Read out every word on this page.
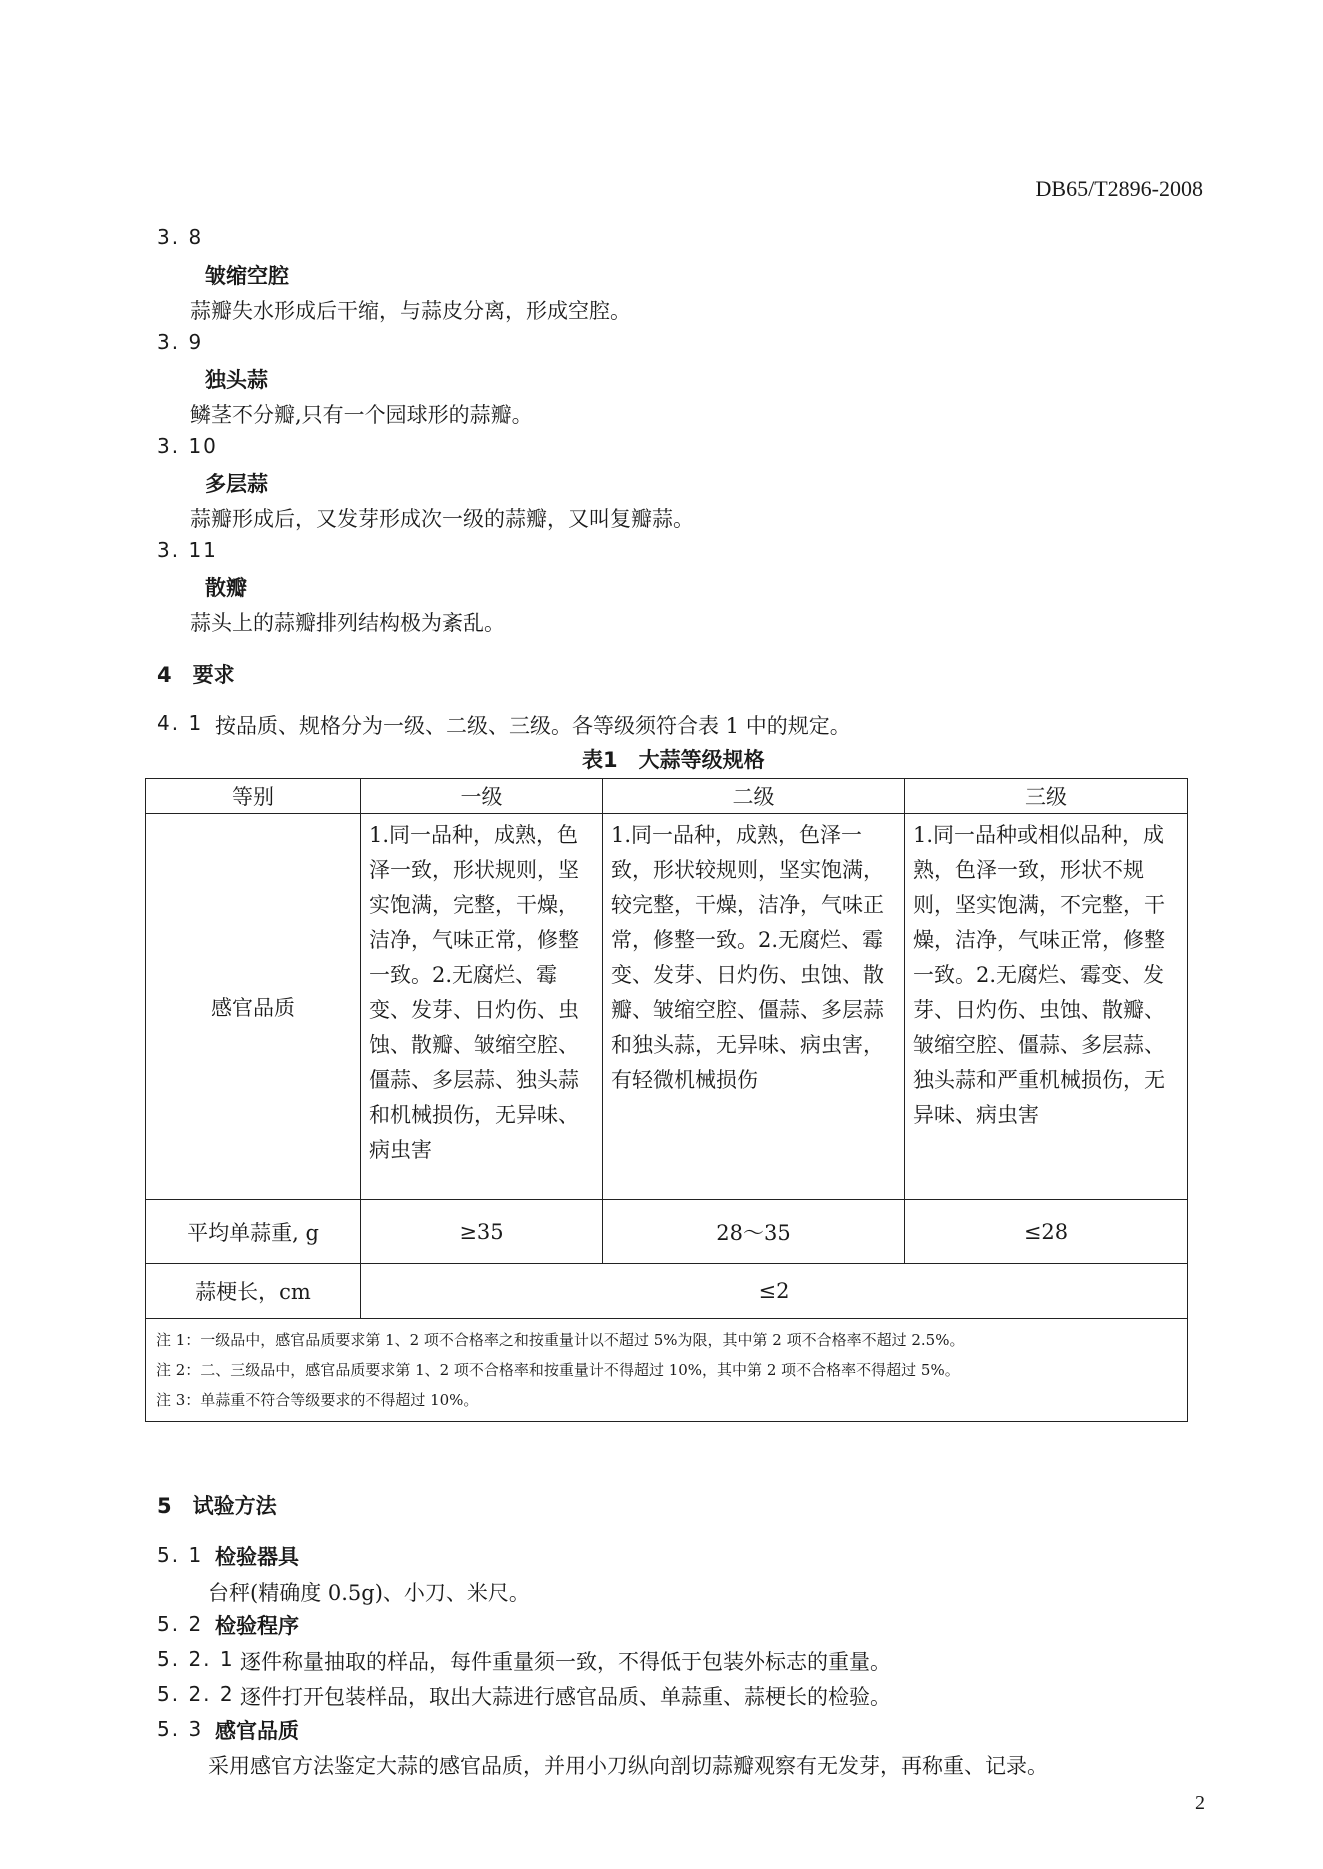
DB65/T2896-2008
3. 8
皱缩空腔
蒜瓣失水形成后干缩，与蒜皮分离，形成空腔。
3. 9
独头蒜
鳞茎不分瓣,只有一个园球形的蒜瓣。
3. 10
多层蒜
蒜瓣形成后，又发芽形成次一级的蒜瓣，又叫复瓣蒜。
3. 11
散瓣
蒜头上的蒜瓣排列结构极为紊乱。
4　要求
4. 1 按品质、规格分为一级、二级、三级。各等级须符合表 1 中的规定。
表1　大蒜等级规格
等别	一级	二级	三级
感官品质	1.同一品种，成熟，色泽一致，形状规则，坚实饱满，完整，干燥，洁净，气味正常，修整一致。2.无腐烂、霉变、发芽、日灼伤、虫蚀、散瓣、皱缩空腔、僵蒜、多层蒜、独头蒜和机械损伤，无异味、病虫害	1.同一品种，成熟，色泽一致，形状较规则，坚实饱满，较完整，干燥，洁净，气味正常，修整一致。2.无腐烂、霉变、发芽、日灼伤、虫蚀、散瓣、皱缩空腔、僵蒜、多层蒜和独头蒜，无异味、病虫害，有轻微机械损伤	1.同一品种或相似品种，成熟，色泽一致，形状不规则，坚实饱满，不完整，干燥，洁净，气味正常，修整一致。2.无腐烂、霉变、发芽、日灼伤、虫蚀、散瓣、皱缩空腔、僵蒜、多层蒜、独头蒜和严重机械损伤，无异味、病虫害
平均单蒜重, g	≥35	28～35	≤28
蒜梗长，cm	≤2		

注 1：一级品中，感官品质要求第 1、2 项不合格率之和按重量计以不超过 5%为限，其中第 2 项不合格率不超过 2.5%。
注 2：二、三级品中，感官品质要求第 1、2 项不合格率和按重量计不得超过 10%，其中第 2 项不合格率不得超过 5%。
注 3：单蒜重不符合等级要求的不得超过 10%。			
5　试验方法
5. 1 检验器具
台秤(精确度 0.5g)、小刀、米尺。
5. 2 检验程序
5. 2. 1 逐件称量抽取的样品，每件重量须一致，不得低于包装外标志的重量。
5. 2. 2 逐件打开包装样品，取出大蒜进行感官品质、单蒜重、蒜梗长的检验。
5. 3 感官品质
采用感官方法鉴定大蒜的感官品质，并用小刀纵向剖切蒜瓣观察有无发芽，再称重、记录。
2
